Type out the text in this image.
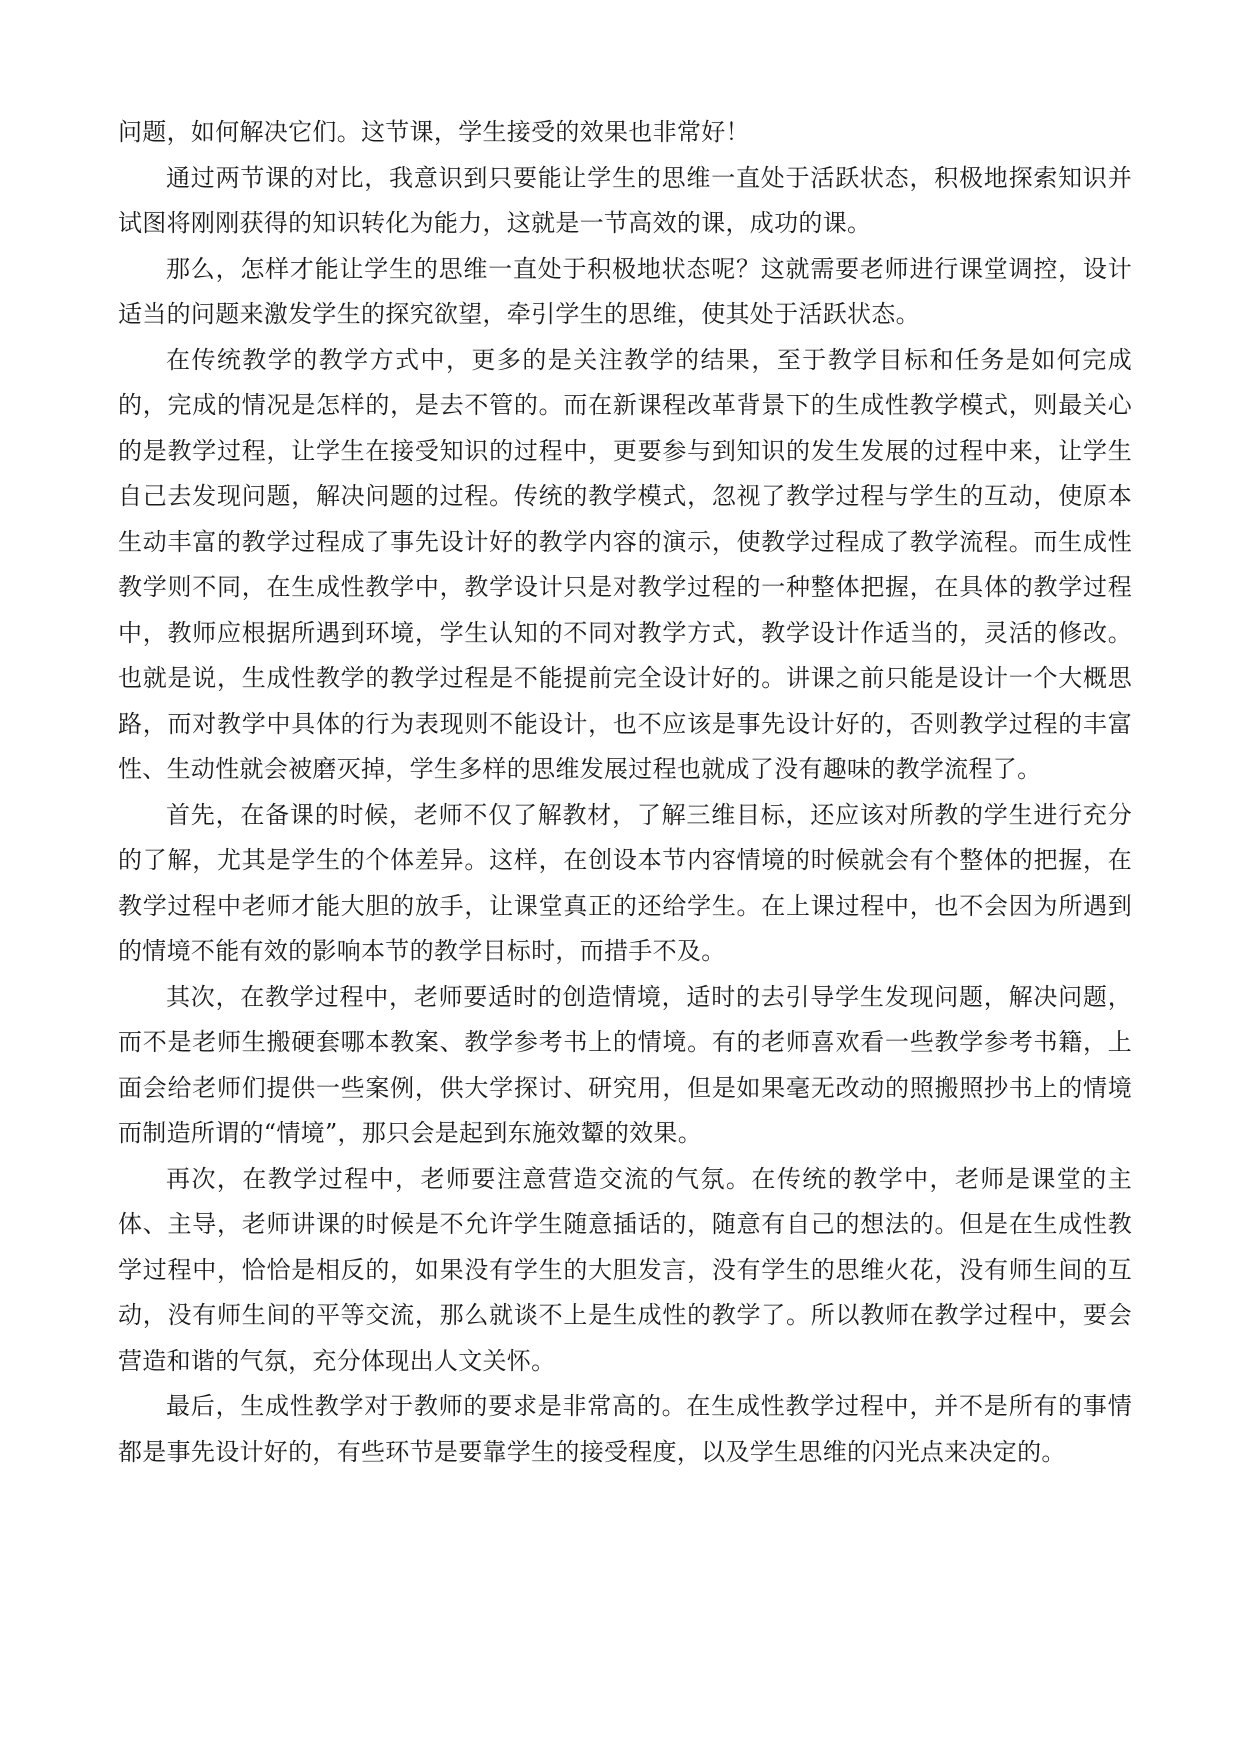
问题，如何解决它们。这节课，学生接受的效果也非常好！

通过两节课的对比，我意识到只要能让学生的思维一直处于活跃状态，积极地探索知识并试图将刚刚获得的知识转化为能力，这就是一节高效的课，成功的课。

那么，怎样才能让学生的思维一直处于积极地状态呢？这就需要老师进行课堂调控，设计适当的问题来激发学生的探究欲望，牵引学生的思维，使其处于活跃状态。

在传统教学的教学方式中，更多的是关注教学的结果，至于教学目标和任务是如何完成的，完成的情况是怎样的，是去不管的。而在新课程改革背景下的生成性教学模式，则最关心的是教学过程，让学生在接受知识的过程中，更要参与到知识的发生发展的过程中来，让学生自己去发现问题，解决问题的过程。传统的教学模式，忽视了教学过程与学生的互动，使原本生动丰富的教学过程成了事先设计好的教学内容的演示，使教学过程成了教学流程。而生成性教学则不同，在生成性教学中，教学设计只是对教学过程的一种整体把握，在具体的教学过程中，教师应根据所遇到环境，学生认知的不同对教学方式，教学设计作适当的，灵活的修改。也就是说，生成性教学的教学过程是不能提前完全设计好的。讲课之前只能是设计一个大概思路，而对教学中具体的行为表现则不能设计，也不应该是事先设计好的，否则教学过程的丰富性、生动性就会被磨灭掉，学生多样的思维发展过程也就成了没有趣味的教学流程了。

首先，在备课的时候，老师不仅了解教材，了解三维目标，还应该对所教的学生进行充分的了解，尤其是学生的个体差异。这样，在创设本节内容情境的时候就会有个整体的把握，在教学过程中老师才能大胆的放手，让课堂真正的还给学生。在上课过程中，也不会因为所遇到的情境不能有效的影响本节的教学目标时，而措手不及。

其次，在教学过程中，老师要适时的创造情境，适时的去引导学生发现问题，解决问题，而不是老师生搬硬套哪本教案、教学参考书上的情境。有的老师喜欢看一些教学参考书籍，上面会给老师们提供一些案例，供大学探讨、研究用，但是如果毫无改动的照搬照抄书上的情境而制造所谓的“情境”，那只会是起到东施效颦的效果。

再次，在教学过程中，老师要注意营造交流的气氛。在传统的教学中，老师是课堂的主体、主导，老师讲课的时候是不允许学生随意插话的，随意有自己的想法的。但是在生成性教学过程中，恰恰是相反的，如果没有学生的大胆发言，没有学生的思维火花，没有师生间的互动，没有师生间的平等交流，那么就谈不上是生成性的教学了。所以教师在教学过程中，要会营造和谐的气氛，充分体现出人文关怀。

最后，生成性教学对于教师的要求是非常高的。在生成性教学过程中，并不是所有的事情都是事先设计好的，有些环节是要靠学生的接受程度，以及学生思维的闪光点来决定的。
